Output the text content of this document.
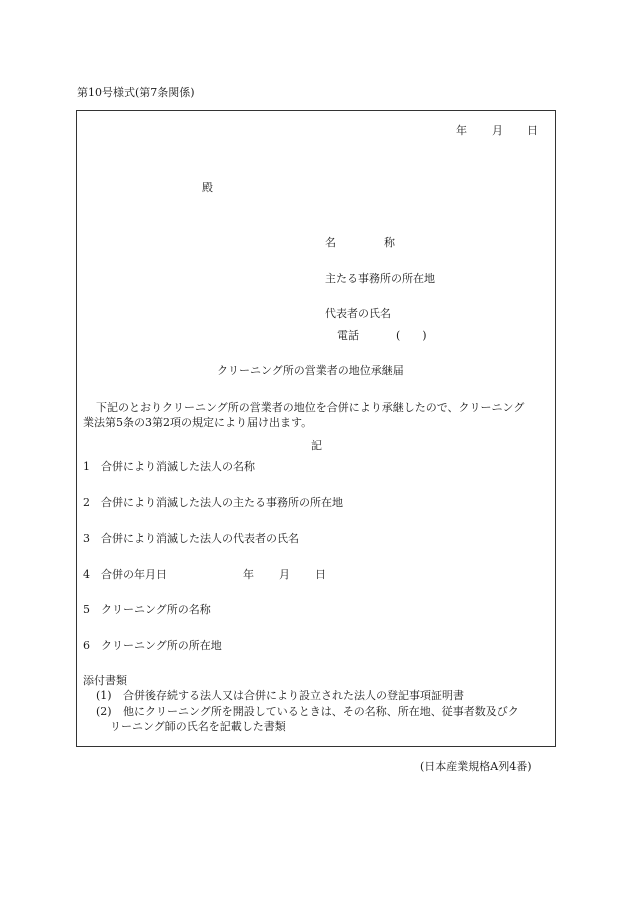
第10号様式(第7条関係)
年 月 日
殿
名	称
主たる事務所の所在地
代表者の氏名
電話	(　　)
クリーニング所の営業者の地位承継届
下記のとおりクリーニング所の営業者の地位を合併により承継したので、クリーニング
業法第5条の3第2項の規定により届け出ます。
記
1 合併により消滅した法人の名称
2 合併により消滅した法人の主たる事務所の所在地
3 合併により消滅した法人の代表者の氏名
4 合併の年月日	年 月 日
5 クリーニング所の名称
6 クリーニング所の所在地
添付書類
(1) 合併後存続する法人又は合併により設立された法人の登記事項証明書
(2) 他にクリーニング所を開設しているときは、その名称、所在地、従事者数及びク
リーニング師の氏名を記載した書類
(日本産業規格A列4番)
